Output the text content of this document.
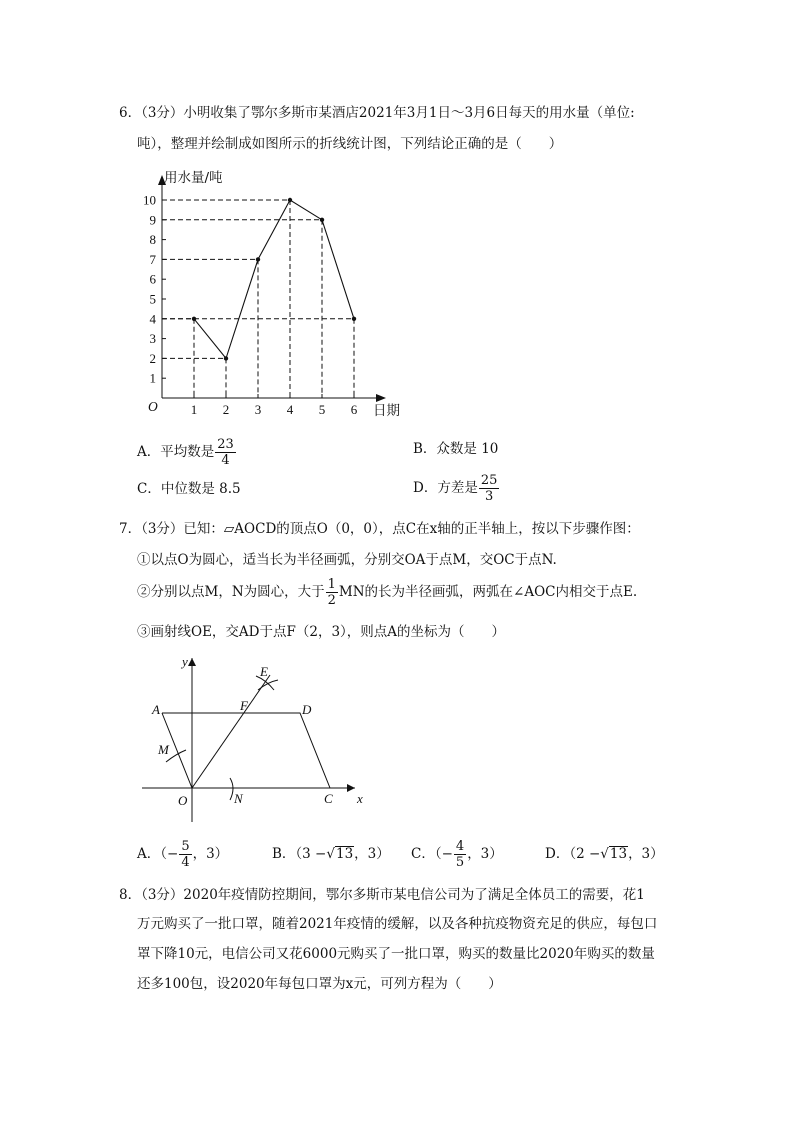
6．（3分）小明收集了鄂尔多斯市某酒店2021年3月1日～3月6日每天的用水量（单位:
吨），整理并绘制成如图所示的折线统计图，下列结论正确的是（　　）
1
2
3
4
5
6
7
8
9
10
1 2 3 4 5 6
用水量/吨
日期
O
A．平均数是 $\frac{23}{4}$	B．众数是 10
C．中位数是 8.5	D．方差是 $\frac{25}{3}$
7．（3分）已知：▱AOCD的顶点O（0，0），点C在x轴的正半轴上，按以下步骤作图：
①以点O为圆心，适当长为半径画弧，分别交OA于点M，交OC于点N.
②分别以点M，N为圆心，大于 $\frac{1}{2}$ MN的长为半径画弧，两弧在∠AOC内相交于点E.
③画射线OE，交AD于点F（2，3），则点A的坐标为（　　）
y
x
E
A	F	D
M
O	N	C
A．（− $\frac{5}{4}$ ，3）	B．（3 −√13，3） C．（− $\frac{4}{5}$ ，3）	D．（2 −√13，3）
8．（3分）2020年疫情防控期间，鄂尔多斯市某电信公司为了满足全体员工的需要，花1
万元购买了一批口罩，随着2021年疫情的缓解，以及各种抗疫物资充足的供应，每包口
罩下降10元，电信公司又花6000元购买了一批口罩，购买的数量比2020年购买的数量
还多100包，设2020年每包口罩为x元，可列方程为（　　）
